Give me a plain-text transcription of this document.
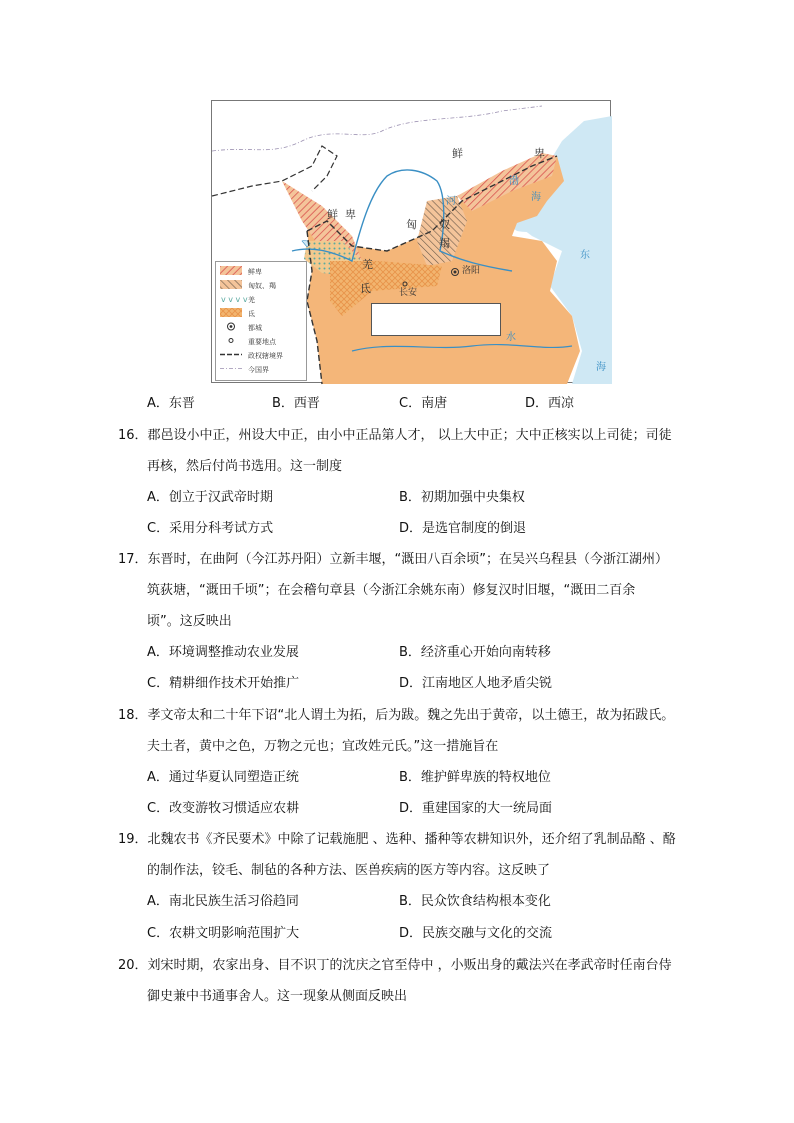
鲜	卑
鲜 卑
匈 奴
羯
羌
氐
洛阳
长安
渤
海
东
海
河
水
鲜卑
匈奴、羯
v v v v 羌
氐
都城
重要地点
政权辖境界
今国界
A．东晋	B．西晋	C．南唐	D．西凉
16．郡邑设小中正，州设大中正，由小中正品第人才， 以上大中正；大中正核实以上司徒；司徒
再核，然后付尚书选用。这一制度
A．创立于汉武帝时期	B．初期加强中央集权
C．采用分科考试方式	D．是选官制度的倒退
17．东晋时，在曲阿（今江苏丹阳）立新丰堰，“溉田八百余顷”；在吴兴乌程县（今浙江湖州）
筑荻塘，“溉田千顷”；在会稽句章县（今浙江余姚东南）修复汉时旧堰，“溉田二百余
顷”。这反映出
A．环境调整推动农业发展	B．经济重心开始向南转移
C．精耕细作技术开始推广	D．江南地区人地矛盾尖锐
18．孝文帝太和二十年下诏“北人谓土为拓，后为跋。魏之先出于黄帝，以土德王，故为拓跋氏。
夫土者，黄中之色，万物之元也；宜改姓元氏。”这一措施旨在
A．通过华夏认同塑造正统	B．维护鲜卑族的特权地位
C．改变游牧习惯适应农耕	D．重建国家的大一统局面
19．北魏农书《齐民要术》中除了记载施肥 、选种、播种等农耕知识外，还介绍了乳制品酪 、酪
的制作法，铰毛、制毡的各种方法、医兽疾病的医方等内容。这反映了
A．南北民族生活习俗趋同	B．民众饮食结构根本变化
C．农耕文明影响范围扩大	D．民族交融与文化的交流
20．刘宋时期，农家出身、目不识丁的沈庆之官至侍中 ，小贩出身的戴法兴在孝武帝时任南台侍
御史兼中书通事舍人。这一现象从侧面反映出
